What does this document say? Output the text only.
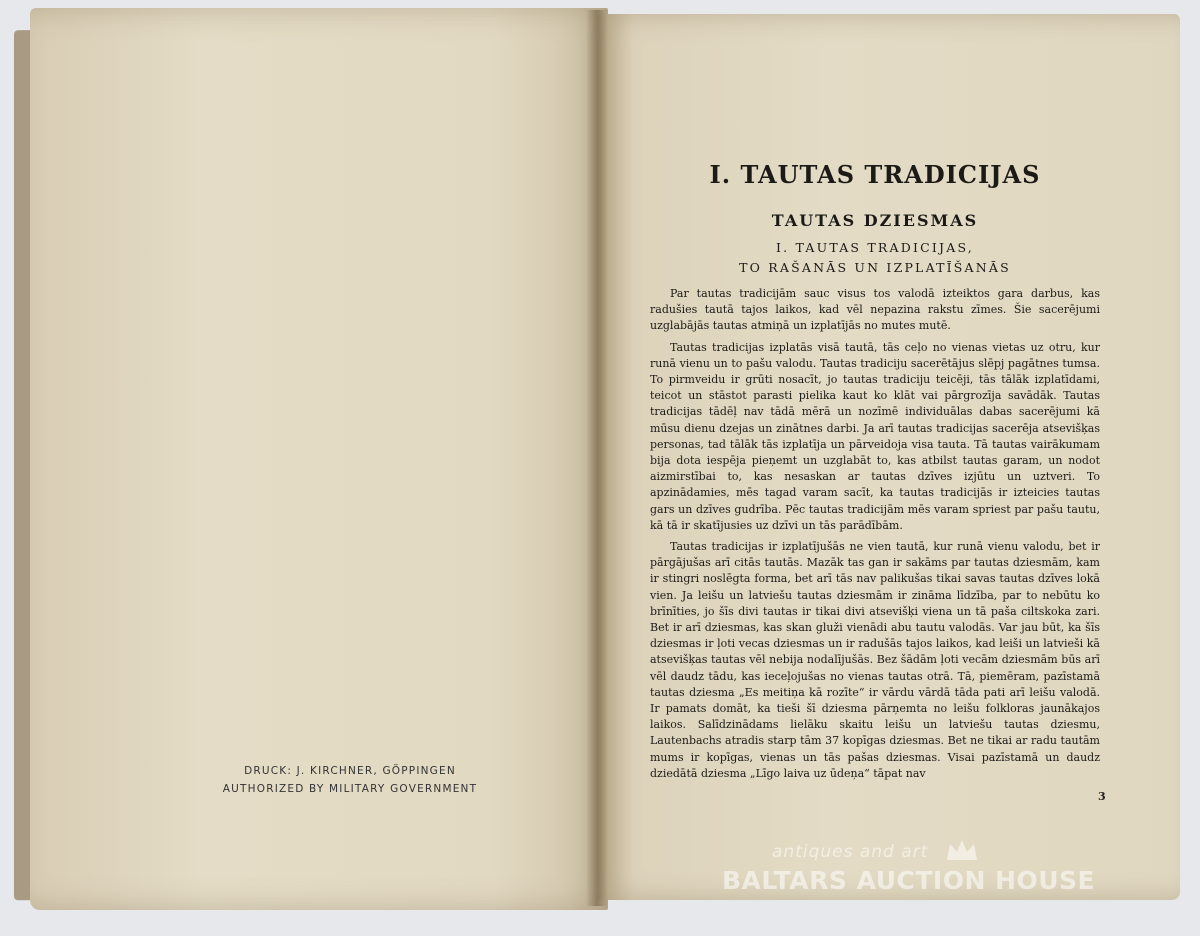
DRUCK: J. KIRCHNER, GÖPPINGEN
AUTHORIZED BY MILITARY GOVERNMENT
I. TAUTAS TRADICIJAS
TAUTAS DZIESMAS
I. TAUTAS TRADICIJAS,
TO RAŠANĀS UN IZPLATĪŠANĀS

Par tautas tradicijām sauc visus tos valodā izteiktos gara darbus, kas radušies tautā tajos laikos, kad vēl nepazina rakstu zīmes. Šie sacerējumi uzglabājās tautas atmiņā un izplatījās no mutes mutē.

Tautas tradicijas izplatās visā tautā, tās ceļo no vienas vietas uz otru, kur runā vienu un to pašu valodu. Tautas tradiciju sacerētājus slēpj pagātnes tumsa. To pirmveidu ir grūti nosacīt, jo tautas tradiciju teicēji, tās tālāk izplatīdami, teicot un stāstot parasti pielika kaut ko klāt vai pārgrozīja savādāk. Tautas tradicijas tādēļ nav tādā mērā un nozīmē individuālas dabas sacerējumi kā mūsu dienu dzejas un zinātnes darbi. Ja arī tautas tradicijas sacerēja atsevišķas personas, tad tālāk tās izplatīja un pārveidoja visa tauta. Tā tautas vairākumam bija dota iespēja pieņemt un uzglabāt to, kas atbilst tautas garam, un nodot aizmirstībai to, kas nesaskan ar tautas dzīves izjūtu un uztveri. To apzinādamies, mēs tagad varam sacīt, ka tautas tradicijās ir izteicies tautas gars un dzīves gudrība. Pēc tautas tradicijām mēs varam spriest par pašu tautu, kā tā ir skatījusies uz dzīvi un tās parādībām.

Tautas tradicijas ir izplatījušās ne vien tautā, kur runā vienu valodu, bet ir pārgājušas arī citās tautās. Mazāk tas gan ir sakāms par tautas dziesmām, kam ir stingri noslēgta forma, bet arī tās nav palikušas tikai savas tautas dzīves lokā vien. Ja leišu un latviešu tautas dziesmām ir zināma līdzība, par to nebūtu ko brīnīties, jo šīs divi tautas ir tikai divi atsevišķi viena un tā paša ciltskoka zari. Bet ir arī dziesmas, kas skan gluži vienādi abu tautu valodās. Var jau būt, ka šīs dziesmas ir ļoti vecas dziesmas un ir radušās tajos laikos, kad leiši un latvieši kā atsevišķas tautas vēl nebija nodalījušās. Bez šādām ļoti vecām dziesmām būs arī vēl daudz tādu, kas ieceļojušas no vienas tautas otrā. Tā, piemēram, pazīstamā tautas dziesma „Es meitiņa kā rozīte“ ir vārdu vārdā tāda pati arī leišu valodā. Ir pamats domāt, ka tieši šī dziesma pārņemta no leišu folkloras jaunākajos laikos. Salīdzinādams lielāku skaitu leišu un latviešu tautas dziesmu, Lautenbachs atradis starp tām 37 kopīgas dziesmas. Bet ne tikai ar radu tautām mums ir kopīgas, vienas un tās pašas dziesmas. Visai pazīstamā un daudz dziedātā dziesma „Līgo laiva uz ūdeņa“ tāpat nav

3
antiques and art
BALTARS AUCTION HOUSE
